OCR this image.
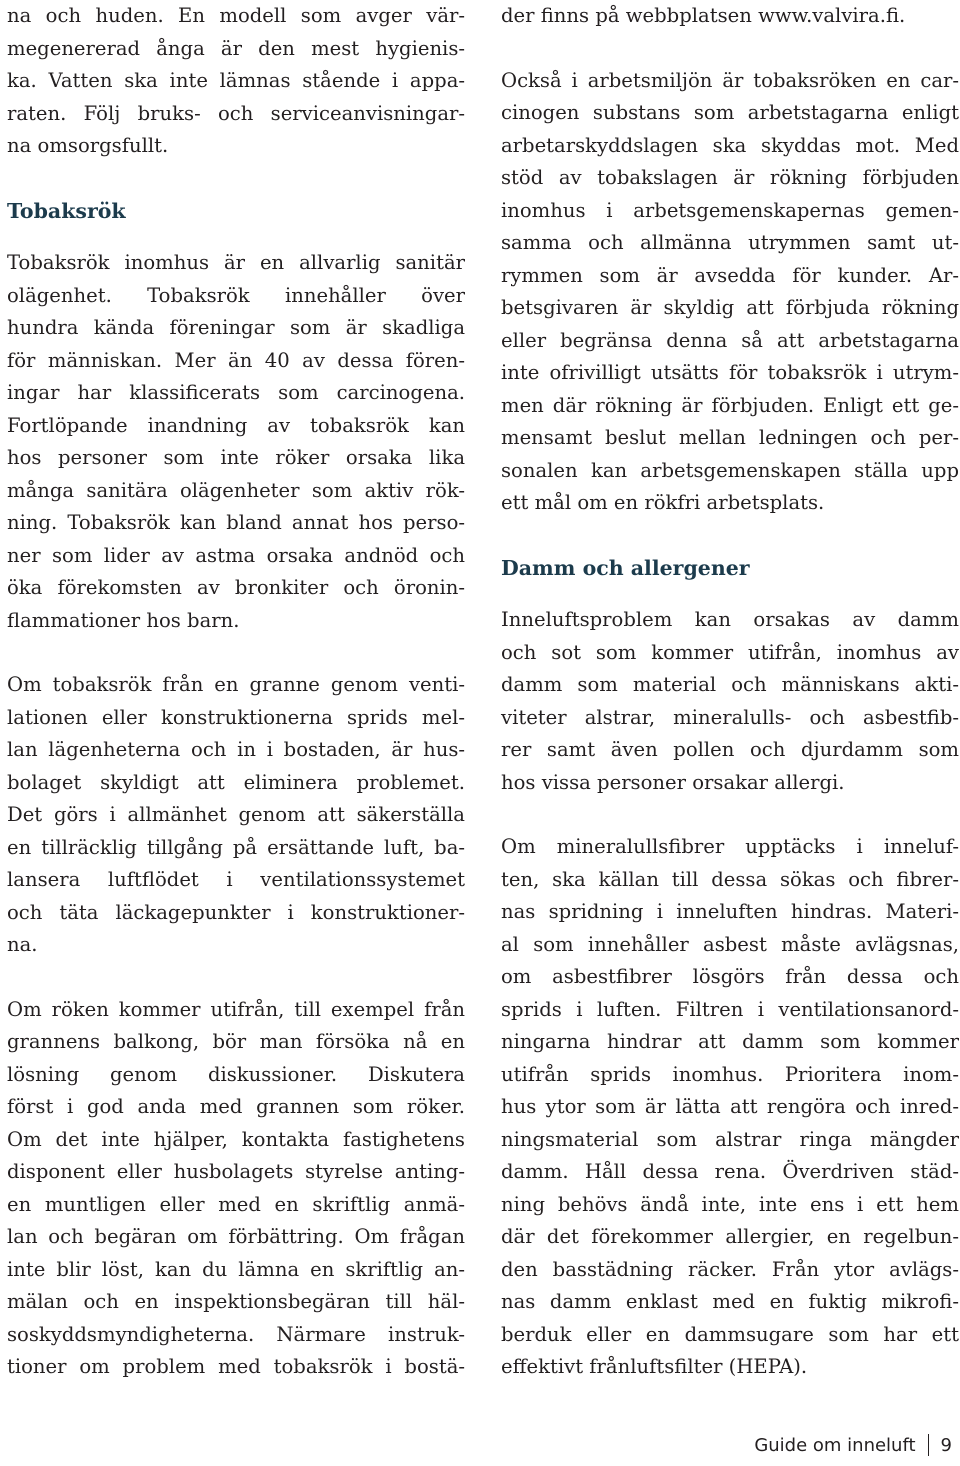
na och huden. En modell som avger vär-
megenererad ånga är den mest hygienis-
ka. Vatten ska inte lämnas stående i appa-
raten. Följ bruks- och serviceanvisningar-
na omsorgsfullt.
Tobaksrök
Tobaksrök inomhus är en allvarlig sanitär
olägenhet. Tobaksrök innehåller över
hundra kända föreningar som är skadliga
för människan. Mer än 40 av dessa fören-
ingar har klassificerats som carcinogena.
Fortlöpande inandning av tobaksrök kan
hos personer som inte röker orsaka lika
många sanitära olägenheter som aktiv rök-
ning. Tobaksrök kan bland annat hos perso-
ner som lider av astma orsaka andnöd och
öka förekomsten av bronkiter och öronin-
flammationer hos barn.
Om tobaksrök från en granne genom venti-
lationen eller konstruktionerna sprids mel-
lan lägenheterna och in i bostaden, är hus-
bolaget skyldigt att eliminera problemet.
Det görs i allmänhet genom att säkerställa
en tillräcklig tillgång på ersättande luft, ba-
lansera luftflödet i ventilationssystemet
och täta läckagepunkter i konstruktioner-
na.
Om röken kommer utifrån, till exempel från
grannens balkong, bör man försöka nå en
lösning genom diskussioner. Diskutera
först i god anda med grannen som röker.
Om det inte hjälper, kontakta fastighetens
disponent eller husbolagets styrelse anting-
en muntligen eller med en skriftlig anmä-
lan och begäran om förbättring. Om frågan
inte blir löst, kan du lämna en skriftlig an-
mälan och en inspektionsbegäran till häl-
soskyddsmyndigheterna. Närmare instruk-
tioner om problem med tobaksrök i bostä-
der finns på webbplatsen www.valvira.fi.
Också i arbetsmiljön är tobaksröken en car-
cinogen substans som arbetstagarna enligt
arbetarskyddslagen ska skyddas mot. Med
stöd av tobakslagen är rökning förbjuden
inomhus i arbetsgemenskapernas gemen-
samma och allmänna utrymmen samt ut-
rymmen som är avsedda för kunder. Ar-
betsgivaren är skyldig att förbjuda rökning
eller begränsa denna så att arbetstagarna
inte ofrivilligt utsätts för tobaksrök i utrym-
men där rökning är förbjuden. Enligt ett ge-
mensamt beslut mellan ledningen och per-
sonalen kan arbetsgemenskapen ställa upp
ett mål om en rökfri arbetsplats.
Damm och allergener
Inneluftsproblem kan orsakas av damm
och sot som kommer utifrån, inomhus av
damm som material och människans akti-
viteter alstrar, mineralulls- och asbestfib-
rer samt även pollen och djurdamm som
hos vissa personer orsakar allergi.
Om mineralullsfibrer upptäcks i inneluf-
ten, ska källan till dessa sökas och fibrer-
nas spridning i inneluften hindras. Materi-
al som innehåller asbest måste avlägsnas,
om asbestfibrer lösgörs från dessa och
sprids i luften. Filtren i ventilationsanord-
ningarna hindrar att damm som kommer
utifrån sprids inomhus. Prioritera inom-
hus ytor som är lätta att rengöra och inred-
ningsmaterial som alstrar ringa mängder
damm. Håll dessa rena. Överdriven städ-
ning behövs ändå inte, inte ens i ett hem
där det förekommer allergier, en regelbun-
den basstädning räcker. Från ytor avlägs-
nas damm enklast med en fuktig mikrofi-
berduk eller en dammsugare som har ett
effektivt frånluftsfilter (HEPA).
Guide om inneluft 9
